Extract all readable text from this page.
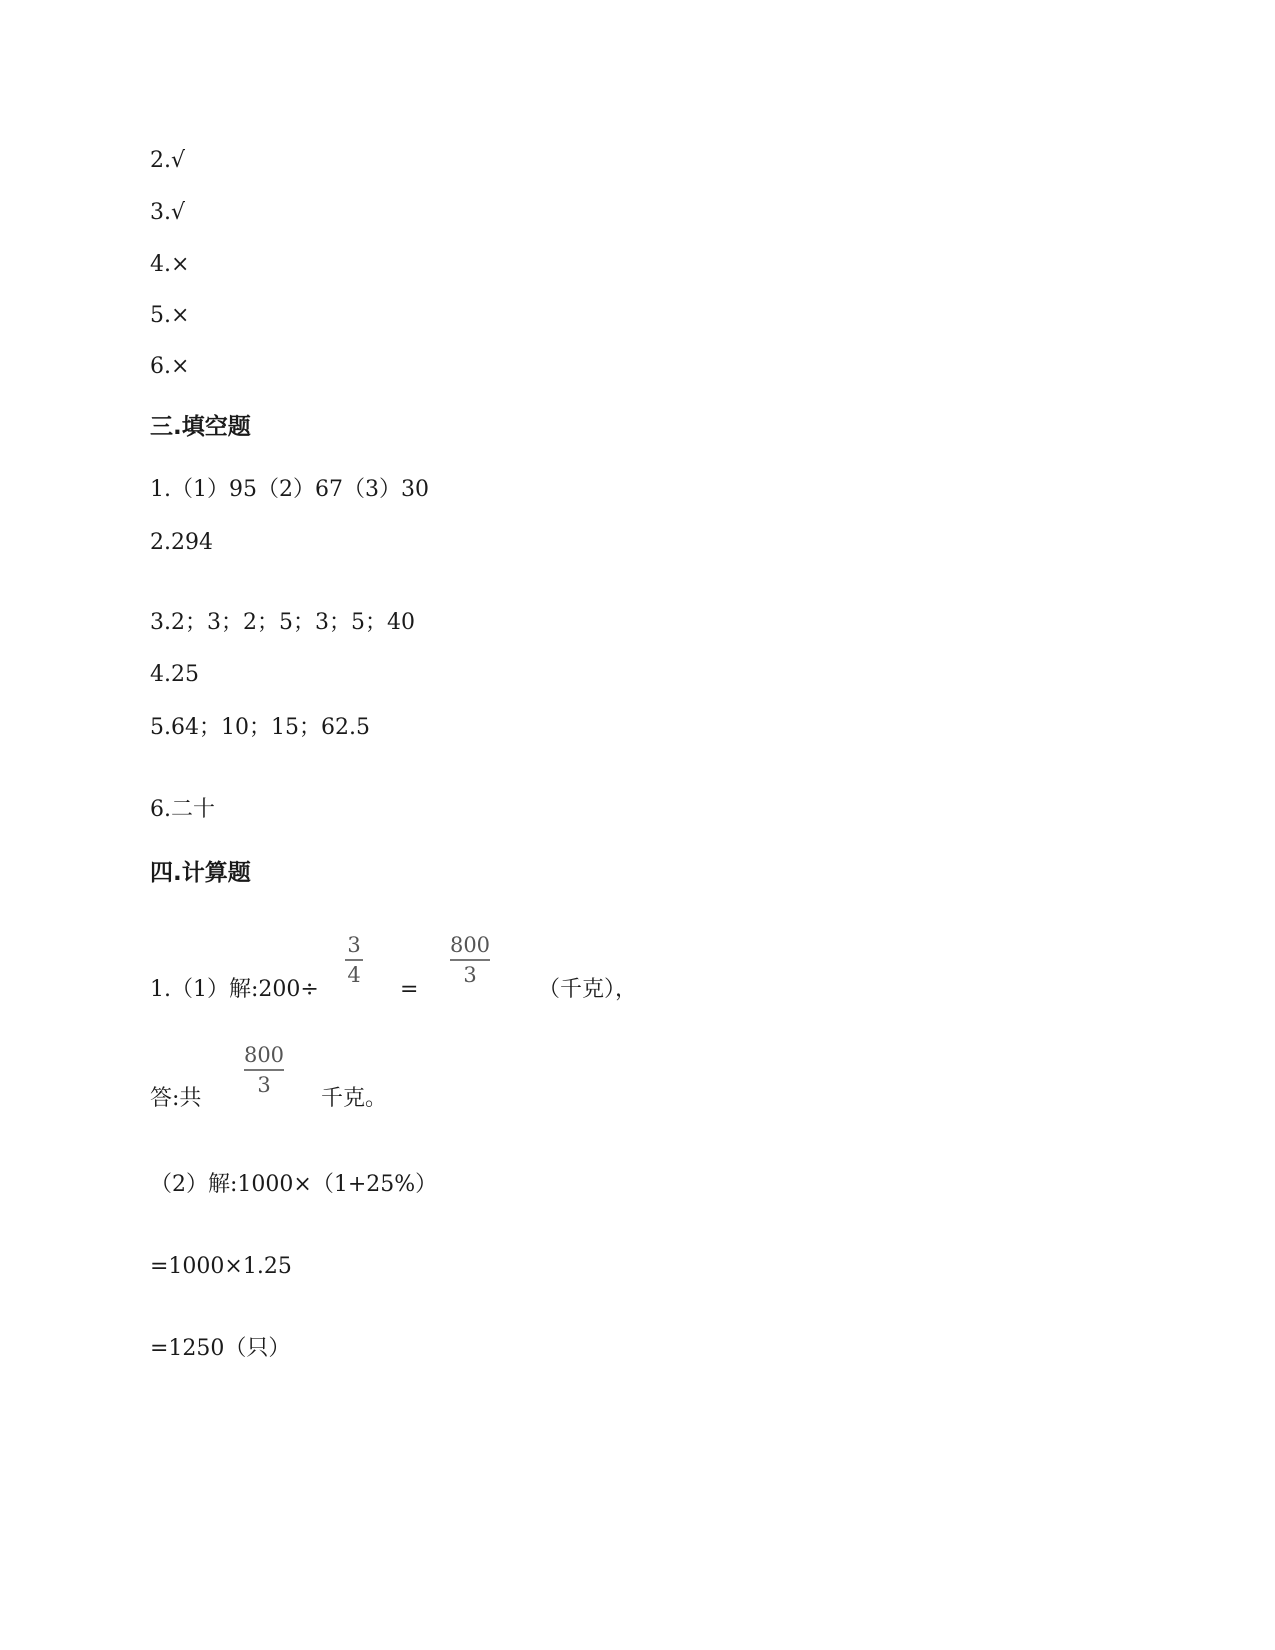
2.√
3.√
4.×
5.×
6.×
三.填空题
1.（1）95（2）67（3）30
2.294
3.2；3；2；5；3；5；40
4.25
5.64；10；15；62.5
6.二十
四.计算题
1.（1）解:200÷
3
4
=
800
3
（千克），
答:共
800
3
千克。
（2）解:1000×（1+25%）
=1000×1.25
=1250（只）
